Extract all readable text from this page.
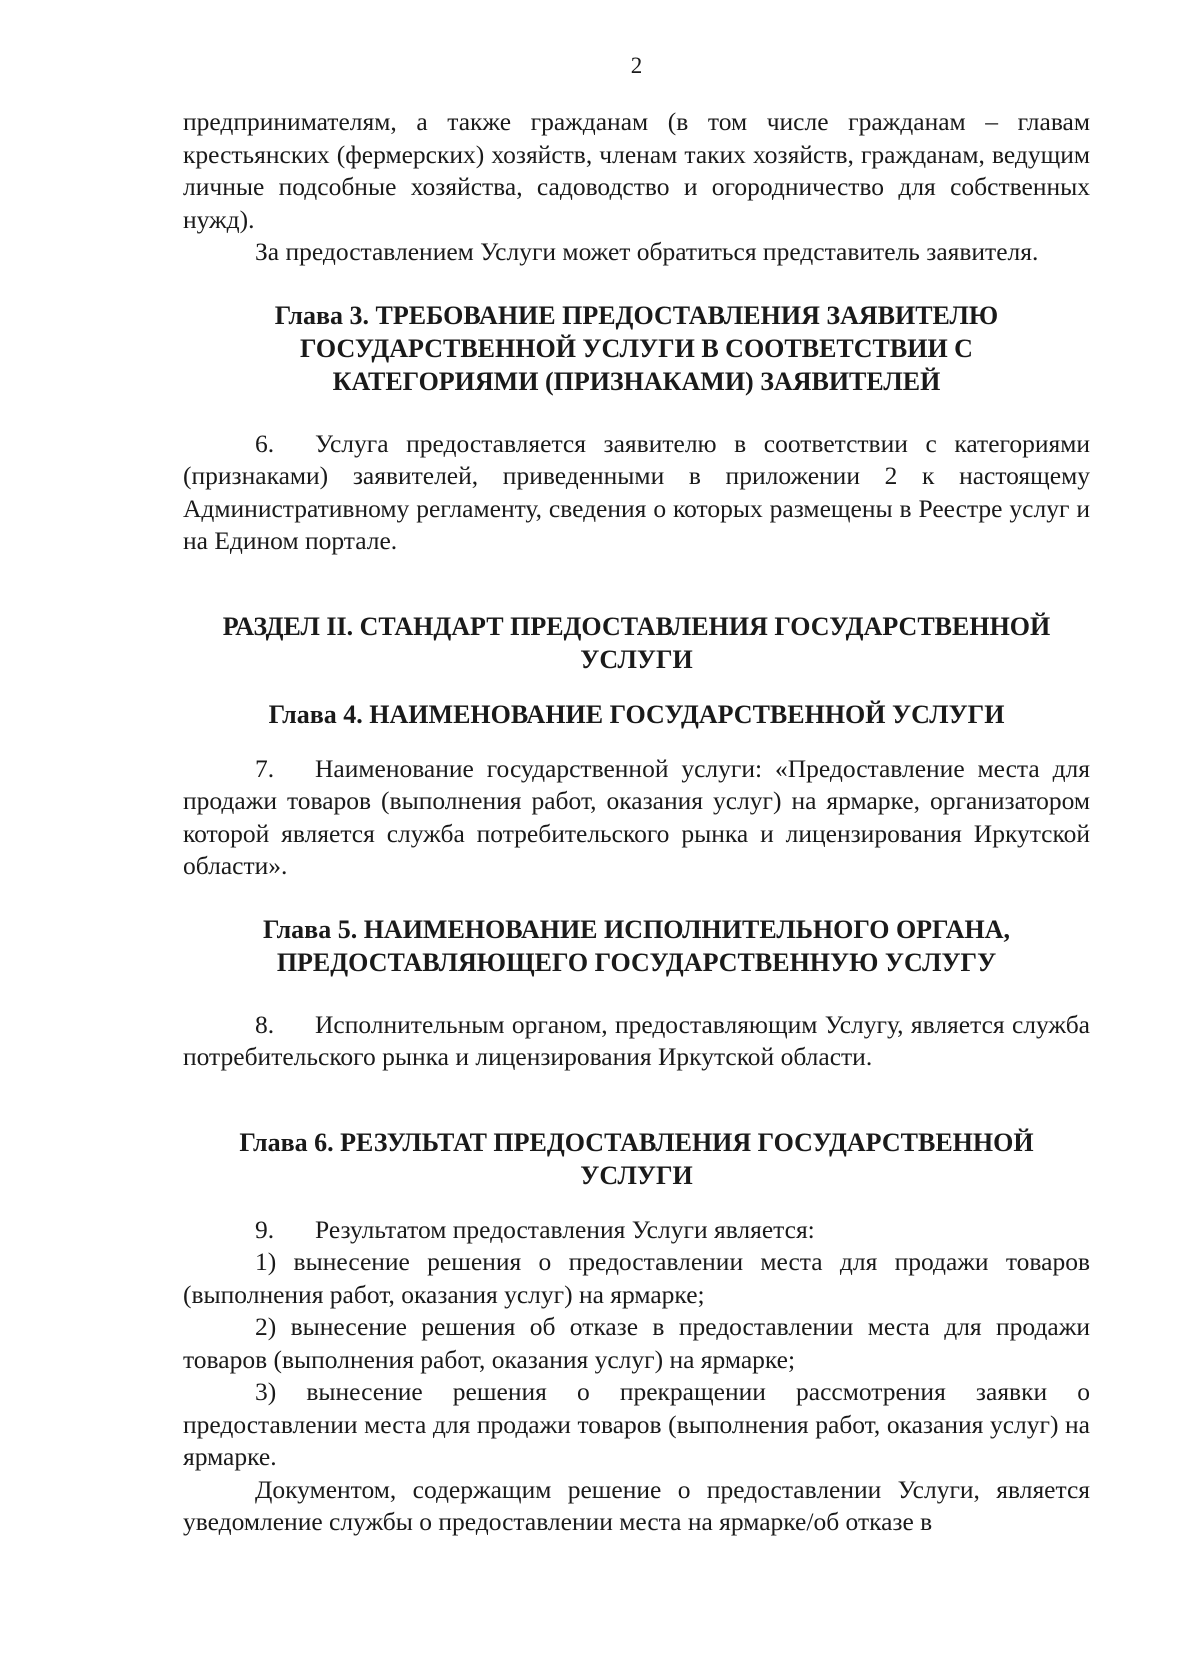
2

предпринимателям, а также гражданам (в том числе гражданам – главам крестьянских (фермерских) хозяйств, членам таких хозяйств, гражданам, ведущим личные подсобные хозяйства, садоводство и огородничество для собственных нужд).

За предоставлением Услуги может обратиться представитель заявителя.

Глава 3. ТРЕБОВАНИЕ ПРЕДОСТАВЛЕНИЯ ЗАЯВИТЕЛЮ
ГОСУДАРСТВЕННОЙ УСЛУГИ В СООТВЕТСТВИИ С
КАТЕГОРИЯМИ (ПРИЗНАКАМИ) ЗАЯВИТЕЛЕЙ

6. Услуга предоставляется заявителю в соответствии с категориями (признаками) заявителей, приведенными в приложении 2 к настоящему Административному регламенту, сведения о которых размещены в Реестре услуг и на Едином портале.

РАЗДЕЛ II. СТАНДАРТ ПРЕДОСТАВЛЕНИЯ ГОСУДАРСТВЕННОЙ
УСЛУГИ
Глава 4. НАИМЕНОВАНИЕ ГОСУДАРСТВЕННОЙ УСЛУГИ

7. Наименование государственной услуги: «Предоставление места для продажи товаров (выполнения работ, оказания услуг) на ярмарке, организатором которой является служба потребительского рынка и лицензирования Иркутской области».

Глава 5. НАИМЕНОВАНИЕ ИСПОЛНИТЕЛЬНОГО ОРГАНА,
ПРЕДОСТАВЛЯЮЩЕГО ГОСУДАРСТВЕННУЮ УСЛУГУ

8. Исполнительным органом, предоставляющим Услугу, является служба потребительского рынка и лицензирования Иркутской области.

Глава 6. РЕЗУЛЬТАТ ПРЕДОСТАВЛЕНИЯ ГОСУДАРСТВЕННОЙ
УСЛУГИ

9. Результатом предоставления Услуги является:

1) вынесение решения о предоставлении места для продажи товаров (выполнения работ, оказания услуг) на ярмарке;

2) вынесение решения об отказе в предоставлении места для продажи товаров (выполнения работ, оказания услуг) на ярмарке;

3) вынесение решения о прекращении рассмотрения заявки о предоставлении места для продажи товаров (выполнения работ, оказания услуг) на ярмарке.

Документом, содержащим решение о предоставлении Услуги, является уведомление службы о предоставлении места на ярмарке/об отказе в
